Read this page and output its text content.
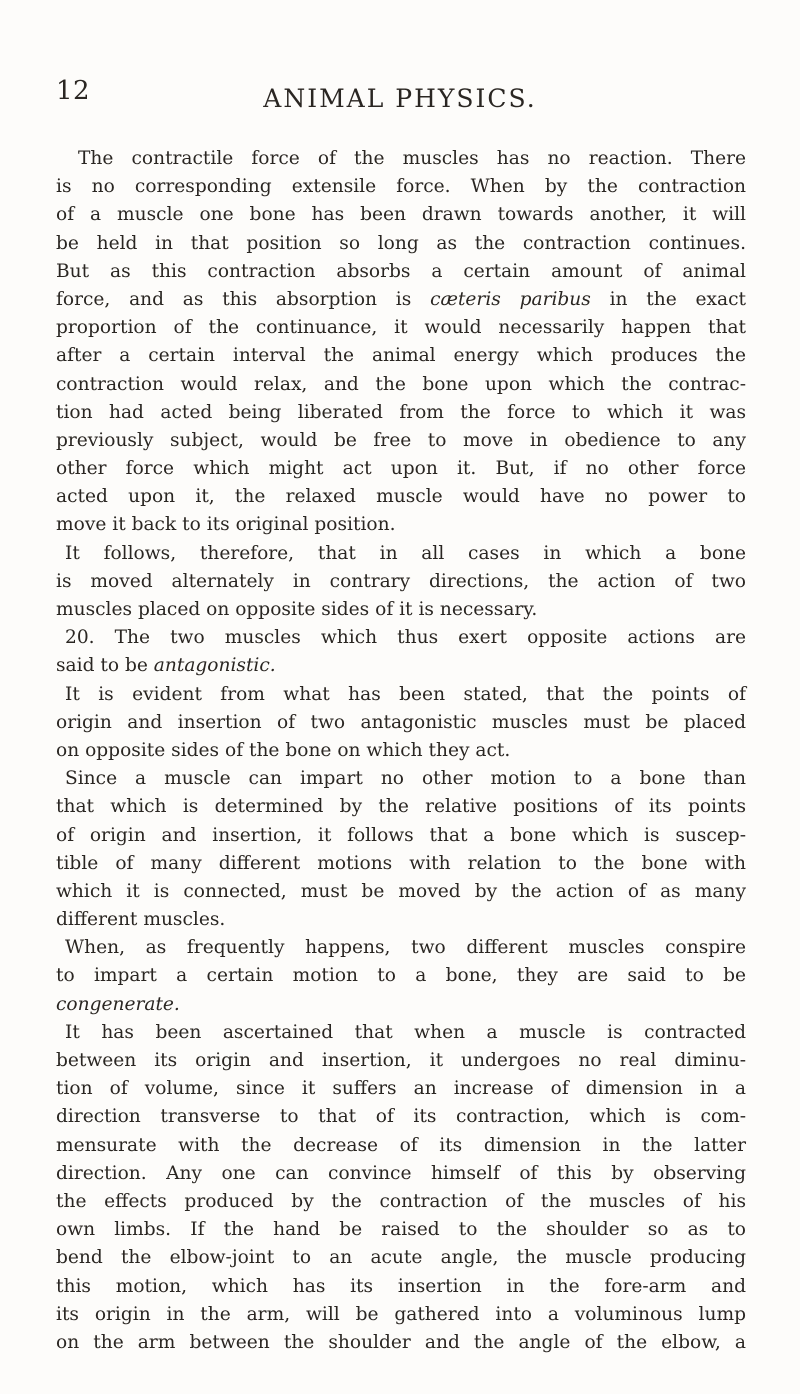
12	ANIMAL PHYSICS.
The contractile force of the muscles has no reaction. There
is no corresponding extensile force. When by the contraction
of a muscle one bone has been drawn towards another, it will
be held in that position so long as the contraction continues.
But as this contraction absorbs a certain amount of animal
force, and as this absorption is cæteris paribus in the exact
proportion of the continuance, it would necessarily happen that
after a certain interval the animal energy which produces the
contraction would relax, and the bone upon which the contrac-
tion had acted being liberated from the force to which it was
previously subject, would be free to move in obedience to any
other force which might act upon it. But, if no other force
acted upon it, the relaxed muscle would have no power to
move it back to its original position.
It follows, therefore, that in all cases in which a bone
is moved alternately in contrary directions, the action of two
muscles placed on opposite sides of it is necessary.
20. The two muscles which thus exert opposite actions are
said to be antagonistic.
It is evident from what has been stated, that the points of
origin and insertion of two antagonistic muscles must be placed
on opposite sides of the bone on which they act.
Since a muscle can impart no other motion to a bone than
that which is determined by the relative positions of its points
of origin and insertion, it follows that a bone which is suscep-
tible of many different motions with relation to the bone with
which it is connected, must be moved by the action of as many
different muscles.
When, as frequently happens, two different muscles conspire
to impart a certain motion to a bone, they are said to be
congenerate.
It has been ascertained that when a muscle is contracted
between its origin and insertion, it undergoes no real diminu-
tion of volume, since it suffers an increase of dimension in a
direction transverse to that of its contraction, which is com-
mensurate with the decrease of its dimension in the latter
direction. Any one can convince himself of this by observing
the effects produced by the contraction of the muscles of his
own limbs. If the hand be raised to the shoulder so as to
bend the elbow-joint to an acute angle, the muscle producing
this motion, which has its insertion in the fore-arm and
its origin in the arm, will be gathered into a voluminous lump
on the arm between the shoulder and the angle of the elbow, a
